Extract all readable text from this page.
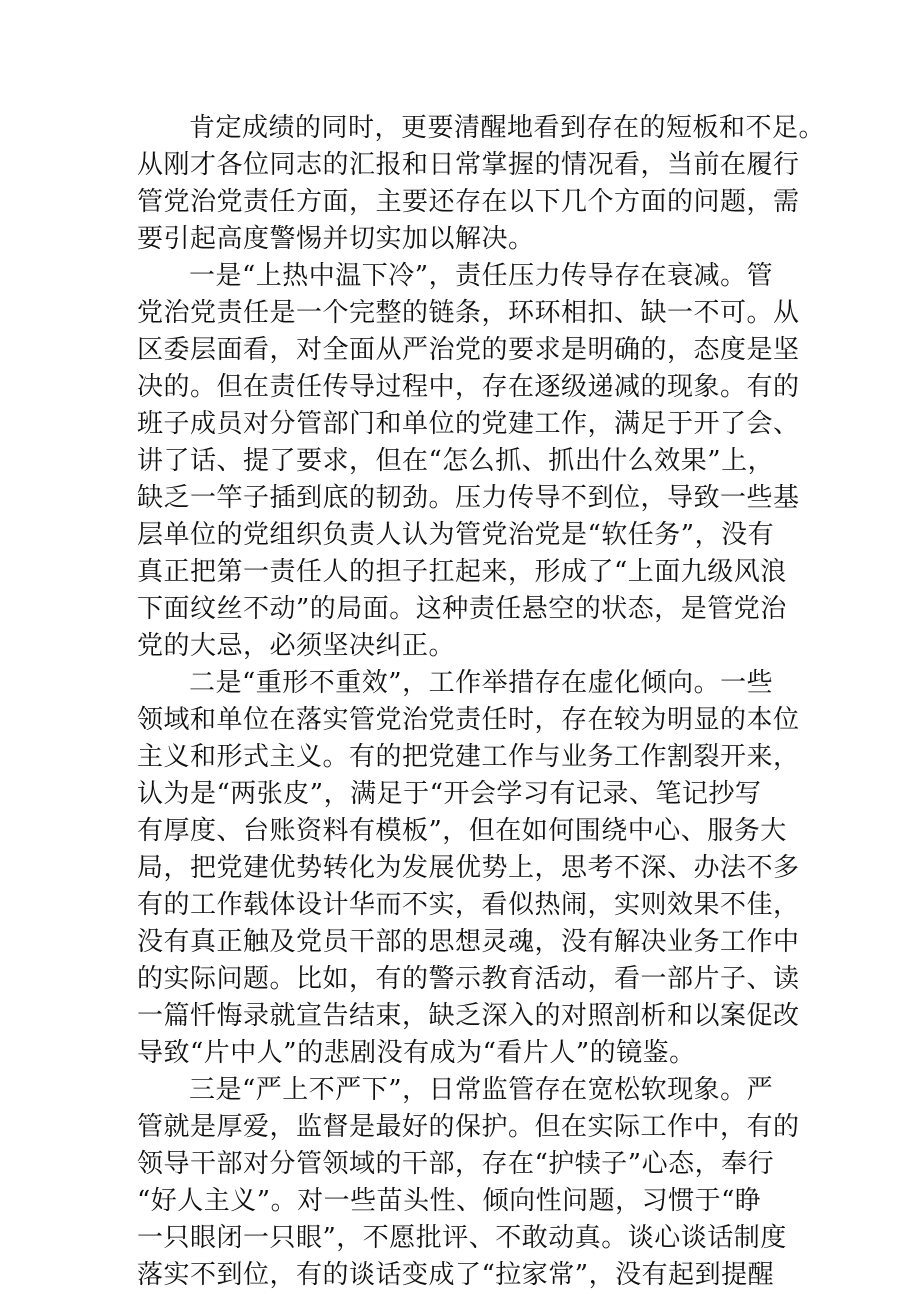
肯定成绩的同时，更要清醒地看到存在的短板和不足。
从刚才各位同志的汇报和日常掌握的情况看，当前在履行
管党治党责任方面，主要还存在以下几个方面的问题，需
要引起高度警惕并切实加以解决。

一是“上热中温下冷”，责任压力传导存在衰减。管
党治党责任是一个完整的链条，环环相扣、缺一不可。从
区委层面看，对全面从严治党的要求是明确的，态度是坚
决的。但在责任传导过程中，存在逐级递减的现象。有的
班子成员对分管部门和单位的党建工作，满足于开了会、
讲了话、提了要求，但在“怎么抓、抓出什么效果”上，
缺乏一竿子插到底的韧劲。压力传导不到位，导致一些基
层单位的党组织负责人认为管党治党是“软任务”，没有
真正把第一责任人的担子扛起来，形成了“上面九级风浪
下面纹丝不动”的局面。这种责任悬空的状态，是管党治
党的大忌，必须坚决纠正。

二是“重形不重效”，工作举措存在虚化倾向。一些
领域和单位在落实管党治党责任时，存在较为明显的本位
主义和形式主义。有的把党建工作与业务工作割裂开来，
认为是“两张皮”，满足于“开会学习有记录、笔记抄写
有厚度、台账资料有模板”，但在如何围绕中心、服务大
局，把党建优势转化为发展优势上，思考不深、办法不多
有的工作载体设计华而不实，看似热闹，实则效果不佳，
没有真正触及党员干部的思想灵魂，没有解决业务工作中
的实际问题。比如，有的警示教育活动，看一部片子、读
一篇忏悔录就宣告结束，缺乏深入的对照剖析和以案促改
导致“片中人”的悲剧没有成为“看片人”的镜鉴。

三是“严上不严下”，日常监管存在宽松软现象。严
管就是厚爱，监督是最好的保护。但在实际工作中，有的
领导干部对分管领域的干部，存在“护犊子”心态，奉行
“好人主义”。对一些苗头性、倾向性问题，习惯于“睁
一只眼闭一只眼”，不愿批评、不敢动真。谈心谈话制度
落实不到位，有的谈话变成了“拉家常”，没有起到提醒
